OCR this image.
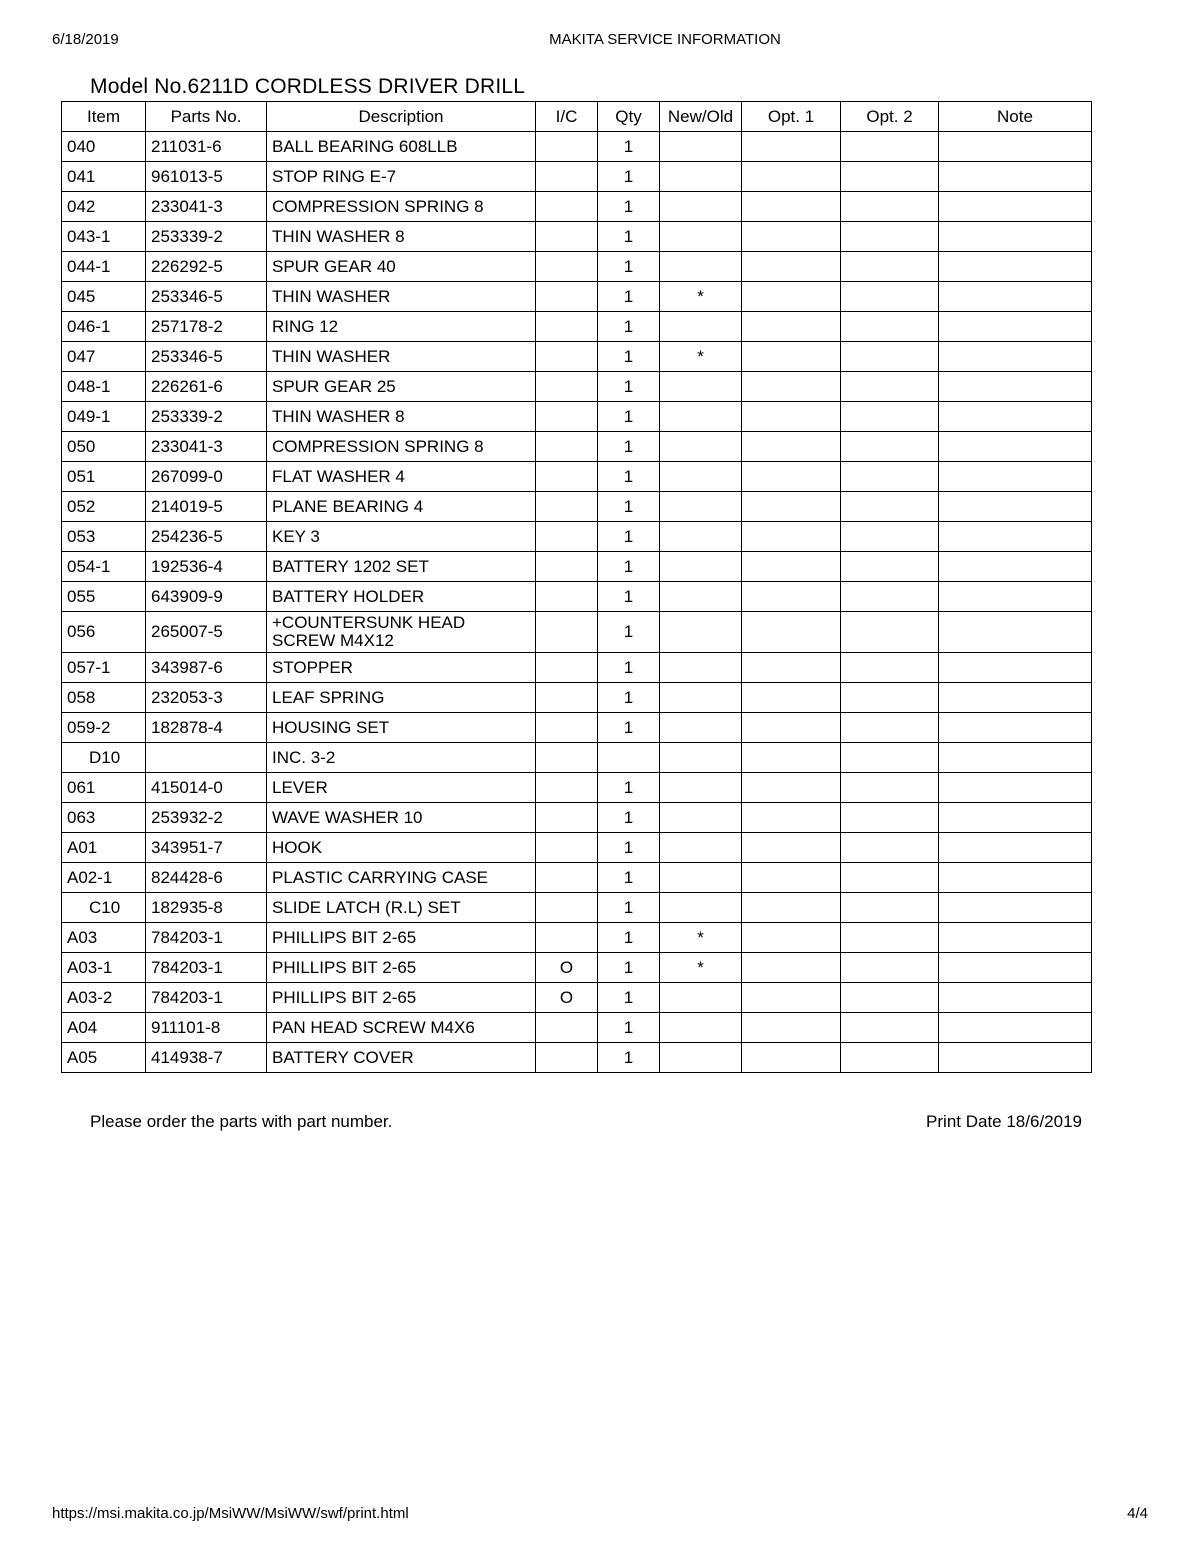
6/18/2019	MAKITA SERVICE INFORMATION
Model No.6211D CORDLESS DRIVER DRILL
Item	Parts No.	Description	I/C	Qty	New/Old	Opt. 1	Opt. 2	Note
040	211031-6	BALL BEARING 608LLB		1				
041	961013-5	STOP RING E-7		1				
042	233041-3	COMPRESSION SPRING 8		1				
043-1	253339-2	THIN WASHER 8		1				
044-1	226292-5	SPUR GEAR 40		1				
045	253346-5	THIN WASHER		1	*			
046-1	257178-2	RING 12		1				
047	253346-5	THIN WASHER		1	*			
048-1	226261-6	SPUR GEAR 25		1				
049-1	253339-2	THIN WASHER 8		1				
050	233041-3	COMPRESSION SPRING 8		1				
051	267099-0	FLAT WASHER 4		1				
052	214019-5	PLANE BEARING 4		1				
053	254236-5	KEY 3		1				
054-1	192536-4	BATTERY 1202 SET		1				
055	643909-9	BATTERY HOLDER		1				
056	265007-5	+COUNTERSUNK HEAD SCREW M4X12		1				
057-1	343987-6	STOPPER		1				
058	232053-3	LEAF SPRING		1				
059-2	182878-4	HOUSING SET		1				
D10		INC. 3-2						
061	415014-0	LEVER		1				
063	253932-2	WAVE WASHER 10		1				
A01	343951-7	HOOK		1				
A02-1	824428-6	PLASTIC CARRYING CASE		1				
C10	182935-8	SLIDE LATCH (R.L) SET		1				
A03	784203-1	PHILLIPS BIT 2-65		1	*			
A03-1	784203-1	PHILLIPS BIT 2-65	O	1	*			
A03-2	784203-1	PHILLIPS BIT 2-65	O	1				
A04	911101-8	PAN HEAD SCREW M4X6		1				
A05	414938-7	BATTERY COVER		1				
Please order the parts with part number.	Print Date 18/6/2019
https://msi.makita.co.jp/MsiWW/MsiWW/swf/print.html	4/4
